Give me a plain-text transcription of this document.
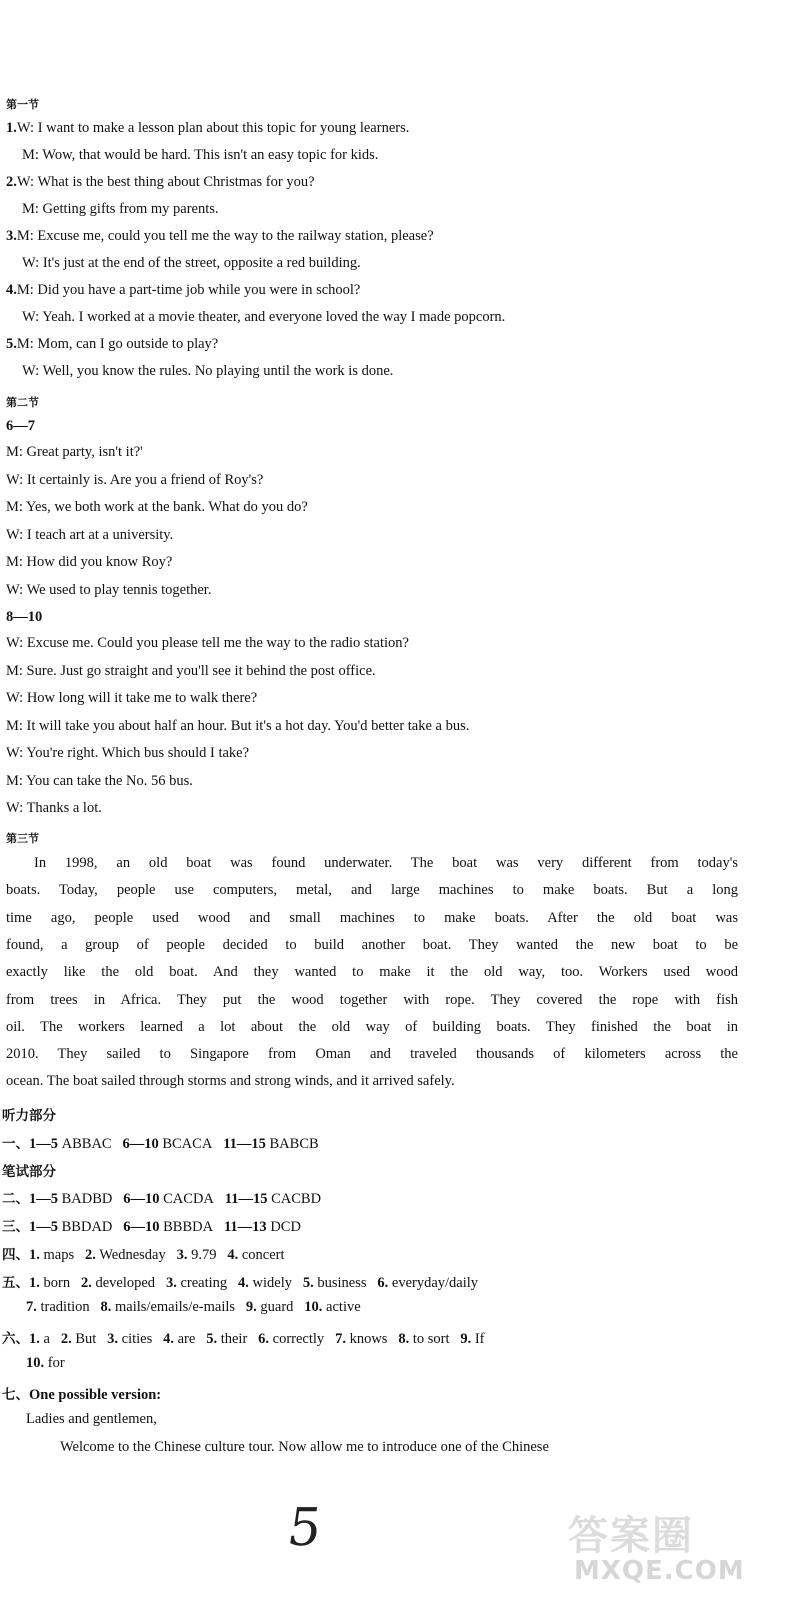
第一节
1.W: I want to make a lesson plan about this topic for young learners.
M: Wow, that would be hard. This isn't an easy topic for kids.
2.W: What is the best thing about Christmas for you?
M: Getting gifts from my parents.
3.M: Excuse me, could you tell me the way to the railway station, please?
W: It's just at the end of the street, opposite a red building.
4.M: Did you have a part-time job while you were in school?
W: Yeah. I worked at a movie theater, and everyone loved the way I made popcorn.
5.M: Mom, can I go outside to play?
W: Well, you know the rules. No playing until the work is done.
第二节
6—7
M: Great party, isn't it?'
W: It certainly is. Are you a friend of Roy's?
M: Yes, we both work at the bank. What do you do?
W: I teach art at a university.
M: How did you know Roy?
W: We used to play tennis together.
8—10
W: Excuse me. Could you please tell me the way to the radio station?
M: Sure. Just go straight and you'll see it behind the post office.
W: How long will it take me to walk there?
M: It will take you about half an hour. But it's a hot day. You'd better take a bus.
W: You're right. Which bus should I take?
M: You can take the No. 56 bus.
W: Thanks a lot.
第三节
In 1998, an old boat was found underwater. The boat was very different from today's
boats. Today, people use computers, metal, and large machines to make boats. But a long
time ago, people used wood and small machines to make boats. After the old boat was
found, a group of people decided to build another boat. They wanted the new boat to be
exactly like the old boat. And they wanted to make it the old way, too. Workers used wood
from trees in Africa. They put the wood together with rope. They covered the rope with fish
oil. The workers learned a lot about the old way of building boats. They finished the boat in
2010. They sailed to Singapore from Oman and traveled thousands of kilometers across the
ocean. The boat sailed through storms and strong winds, and it arrived safely.
听力部分
一、1—5 ABBAC 6—10 BCACA 11—15 BABCB
笔试部分
二、1—5 BADBD 6—10 CACDA 11—15 CACBD
三、1—5 BBDAD 6—10 BBBDA 11—13 DCD
四、1. maps 2. Wednesday 3. 9.79 4. concert
五、1. born 2. developed 3. creating 4. widely 5. business 6. everyday/daily
7. tradition 8. mails/emails/e-mails 9. guard 10. active
六、1. a 2. But 3. cities 4. are 5. their 6. correctly 7. knows 8. to sort 9. If
10. for
七、One possible version:
Ladies and gentlemen,
Welcome to the Chinese culture tour. Now allow me to introduce one of the Chinese
5	答案圈
MXQE.COM
